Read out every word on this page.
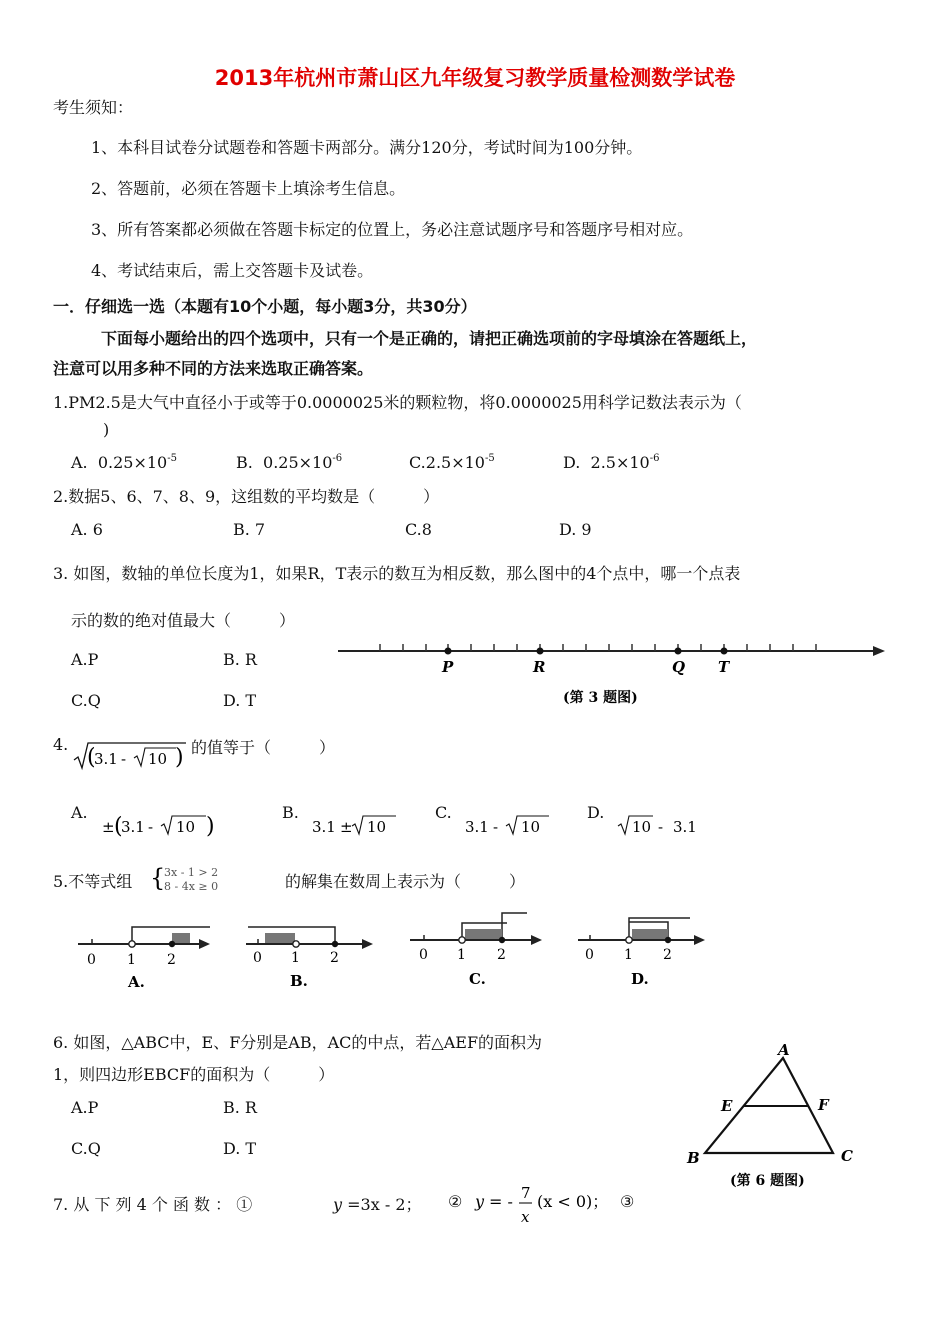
2013年杭州市萧山区九年级复习教学质量检测数学试卷
考生须知：
1、本科目试卷分试题卷和答题卡两部分。满分120分，考试时间为100分钟。
2、答题前，必须在答题卡上填涂考生信息。
3、所有答案都必须做在答题卡标定的位置上，务必注意试题序号和答题序号相对应。
4、考试结束后，需上交答题卡及试卷。
一．仔细选一选（本题有10个小题，每小题3分，共30分）
下面每小题给出的四个选项中，只有一个是正确的，请把正确选项前的字母填涂在答题纸上，
注意可以用多种不同的方法来选取正确答案。
1.PM2.5是大气中直径小于或等于0.0000025米的颗粒物，将0.0000025用科学记数法表示为（
)
A. $0.25\times 10^{-5}$	B. $0.25\times 10^{-6}$	$C.2.5\times 10^{-5}$	D. $2.5\times 10^{-6}$
2.数据5、6、7、8、9，这组数的平均数是（　　　）
A. 6	B. 7	C.8	D. 9
3. 如图，数轴的单位长度为1，如果R，T表示的数互为相反数，那么图中的4个点中，哪一个点表
示的数的绝对值最大（　　　）
A.P	B. R
C.Q	D. T
P	R	Q T
(第 3 题图)
4.
(
3.1 - 10 ) 的值等于（　　　）
A.
± (
3.1 - 10 )
B.
3.1 ± 10
C.
3.1 - 10
D.
10 - 3.1
5.不等式组 {
3x - 1 > 2
8 - 4x ≥ 0	的解集在数周上表示为（　　　）
0 1 2
A.
0 1 2
B.
0 1 2
C.
0 1 2
D.
6. 如图，△ABC中，E、F分别是AB，AC的中点，若△AEF的面积为
1，则四边形EBCF的面积为（　　　）
A.P	B. R
C.Q	D. T
A
B	C
E	F
(第 6 题图)
7. 从 下 列 4 个 函 数 ： ①	y =3x - 2； ② y = - 7
x
(x < 0)； ③
